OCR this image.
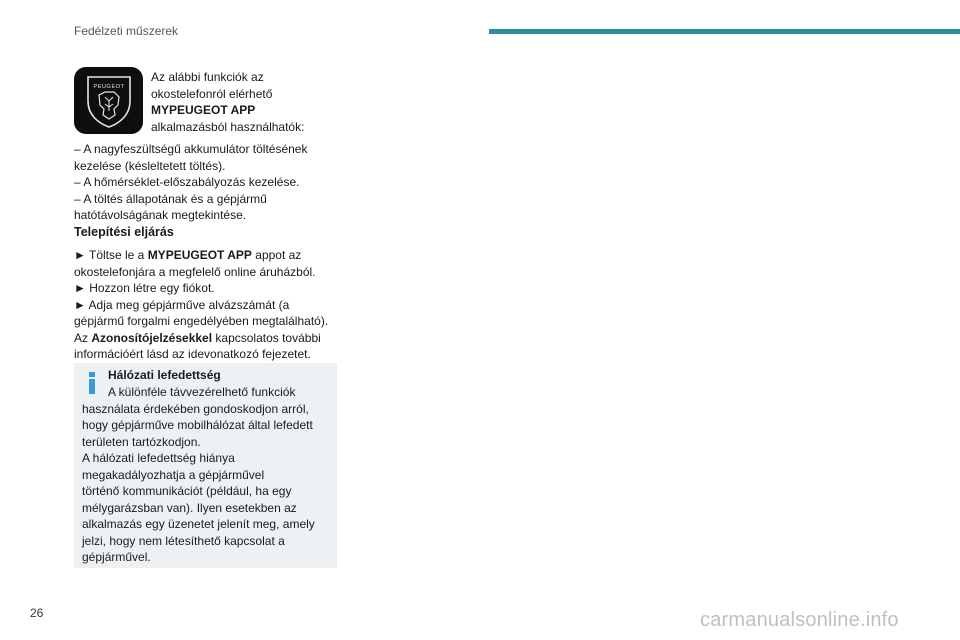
Fedélzeti műszerek
PEUGEOT
Az alábbi funkciók az
okostelefonról elérhető
MYPEUGEOT APP
alkalmazásból használhatók:
– A nagyfeszültségű akkumulátor töltésének
kezelése (késleltetett töltés).
– A hőmérséklet-előszabályozás kezelése.
– A töltés állapotának és a gépjármű
hatótávolságának megtekintése.
Telepítési eljárás
► Töltse le a MYPEUGEOT APP appot az
okostelefonjára a megfelelő online áruházból.
► Hozzon létre egy fiókot.
► Adja meg gépjárműve alvázszámát (a
gépjármű forgalmi engedélyében megtalálható).
Az Azonosítójelzésekkel kapcsolatos további
információért lásd az idevonatkozó fejezetet.
Hálózati lefedettség
A különféle távvezérelhető funkciók
használata érdekében gondoskodjon arról,
hogy gépjárműve mobilhálózat által lefedett
területen tartózkodjon.
A hálózati lefedettség hiánya
megakadályozhatja a gépjárművel
történő kommunikációt (például, ha egy
mélygarázsban van). Ilyen esetekben az
alkalmazás egy üzenetet jelenít meg, amely
jelzi, hogy nem létesíthető kapcsolat a
gépjárművel.
26	carmanualsonline.info
